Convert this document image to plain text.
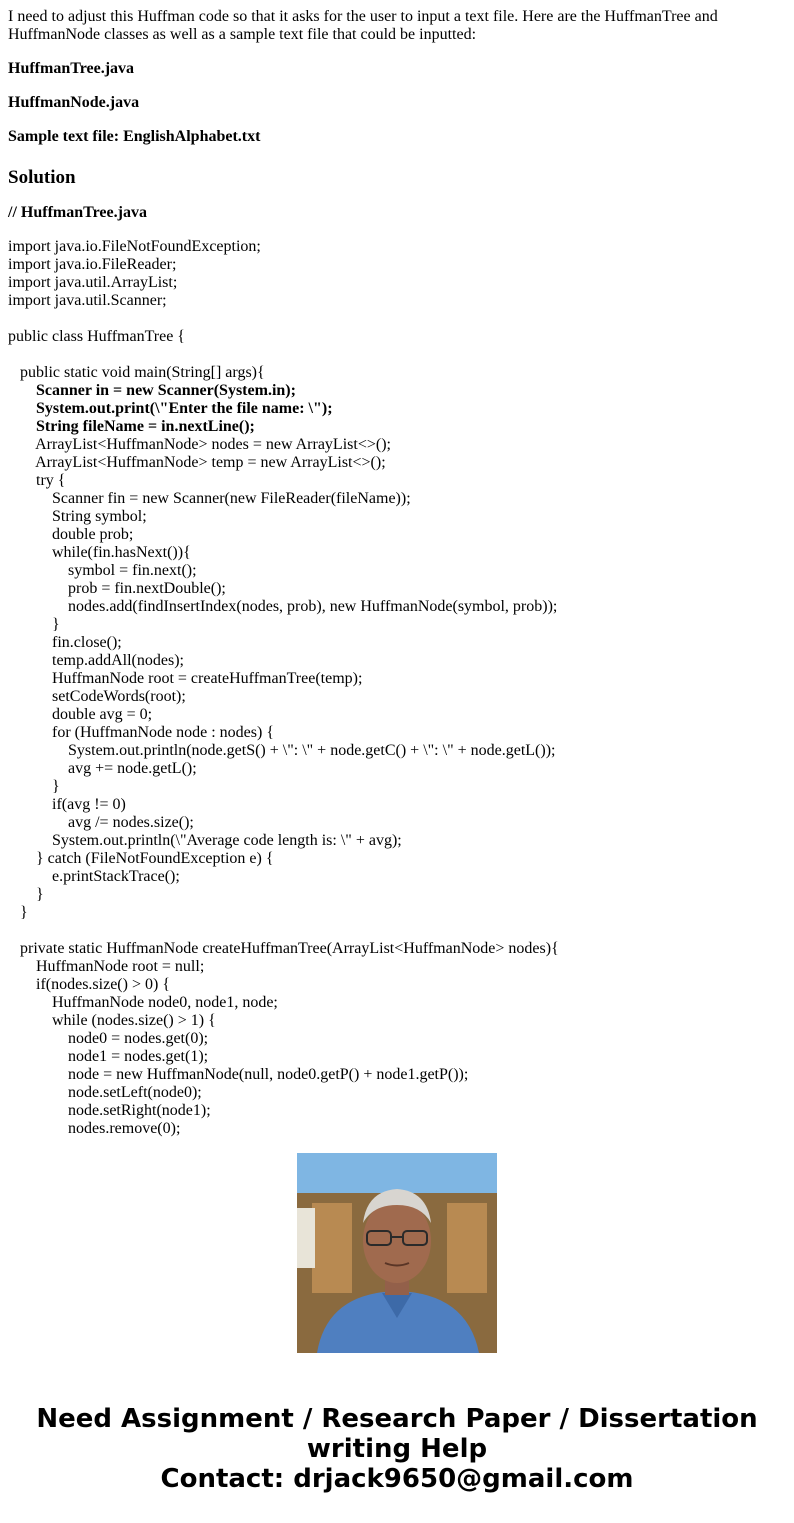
I need to adjust this Huffman code so that it asks for the user to input a text file. Here are the HuffmanTree and HuffmanNode classes as well as a sample text file that could be inputted:

HuffmanTree.java

HuffmanNode.java

Sample text file: EnglishAlphabet.txt

Solution

// HuffmanTree.java

import java.io.FileNotFoundException;
import java.io.FileReader;
import java.util.ArrayList;
import java.util.Scanner;
public class HuffmanTree {
public static void main(String[] args){
Scanner in = new Scanner(System.in);
System.out.print(\"Enter the file name: \");
String fileName = in.nextLine();
ArrayList<HuffmanNode> nodes = new ArrayList<>();
ArrayList<HuffmanNode> temp = new ArrayList<>();
try {
Scanner fin = new Scanner(new FileReader(fileName));
String symbol;
double prob;
while(fin.hasNext()){
symbol = fin.next();
prob = fin.nextDouble();
nodes.add(findInsertIndex(nodes, prob), new HuffmanNode(symbol, prob));
}
fin.close();
temp.addAll(nodes);
HuffmanNode root = createHuffmanTree(temp);
setCodeWords(root);
double avg = 0;
for (HuffmanNode node : nodes) {
System.out.println(node.getS() + \": \" + node.getC() + \": \" + node.getL());
avg += node.getL();
}
if(avg != 0)
avg /= nodes.size();
System.out.println(\"Average code length is: \" + avg);
} catch (FileNotFoundException e) {
e.printStackTrace();
}
}
private static HuffmanNode createHuffmanTree(ArrayList<HuffmanNode> nodes){
HuffmanNode root = null;
if(nodes.size() > 0) {
HuffmanNode node0, node1, node;
while (nodes.size() > 1) {
node0 = nodes.get(0);
node1 = nodes.get(1);
node = new HuffmanNode(null, node0.getP() + node1.getP());
node.setLeft(node0);
node.setRight(node1);
nodes.remove(0);
Need Assignment / Research Paper / Dissertation
writing Help
Contact: drjack9650@gmail.com
